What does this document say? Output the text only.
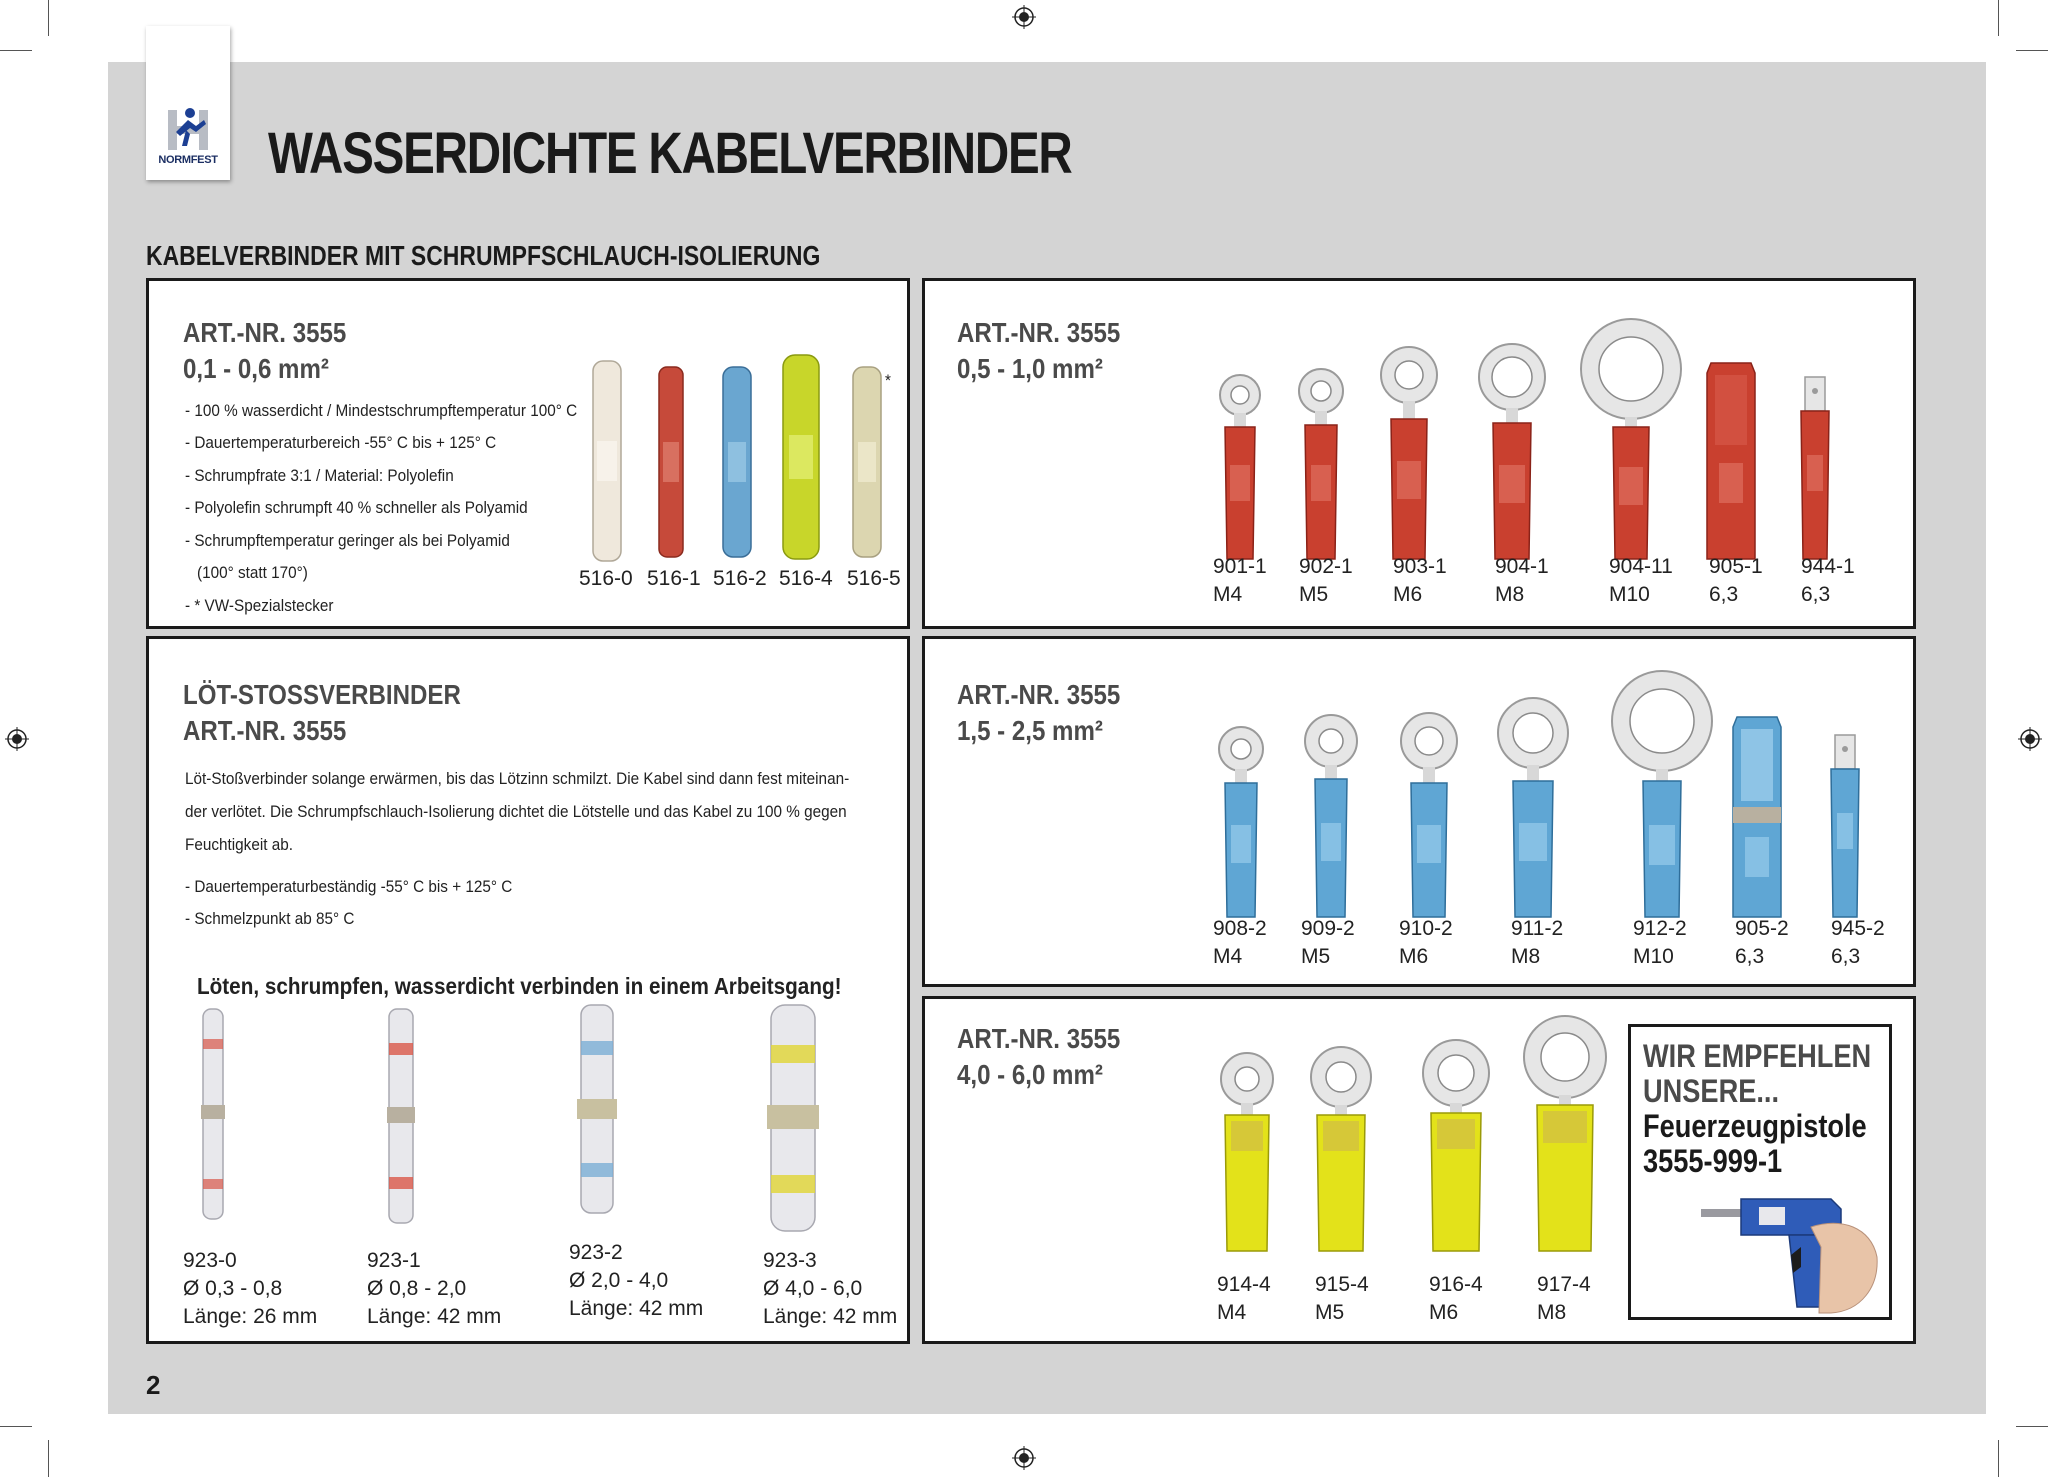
NORMFEST WASSERDICHTE KABELVERBINDER
KABELVERBINDER MIT SCHRUMPFSCHLAUCH-ISOLIERUNG
ART.-NR. 3555
0,1 - 0,6 mm²
- 100 % wasserdicht / Mindestschrumpftemperatur 100° C
- Dauertemperaturbereich -55° C bis + 125° C
- Schrumpfrate 3:1 / Material: Polyolefin
- Polyolefin schrumpft 40 % schneller als Polyamid
- Schrumpftemperatur geringer als bei Polyamid
(100° statt 170°)
- * VW-Spezialstecker
*
516-0 516-1 516-2 516-4 516-5
ART.-NR. 3555
0,5 - 1,0 mm²
901-1
M4
902-1
M5
903-1
M6
904-1
M8
904-11
M10
905-1
6,3
944-1
6,3
LÖT-STOSSVERBINDER
ART.-NR. 3555
Löt-Stoßverbinder solange erwärmen, bis das Lötzinn schmilzt. Die Kabel sind dann fest miteinan-
der verlötet. Die Schrumpfschlauch-Isolierung dichtet die Lötstelle und das Kabel zu 100 % gegen
Feuchtigkeit ab.
- Dauertemperaturbeständig -55° C bis + 125° C
- Schmelzpunkt ab 85° C
Löten, schrumpfen, wasserdicht verbinden in einem Arbeitsgang!
923-0
Ø 0,3 - 0,8
Länge: 26 mm
923-1
Ø 0,8 - 2,0
Länge: 42 mm
923-2
Ø 2,0 - 4,0
Länge: 42 mm
923-3
Ø 4,0 - 6,0
Länge: 42 mm
ART.-NR. 3555
1,5 - 2,5 mm²
908-2
M4
909-2
M5
910-2
M6
911-2
M8
912-2
M10
905-2
6,3
945-2
6,3
ART.-NR. 3555
4,0 - 6,0 mm²
914-4
M4
915-4
M5
916-4
M6
917-4
M8
WIR EMPFEHLEN
UNSERE...
Feuerzeugpistole
3555-999-1
2
